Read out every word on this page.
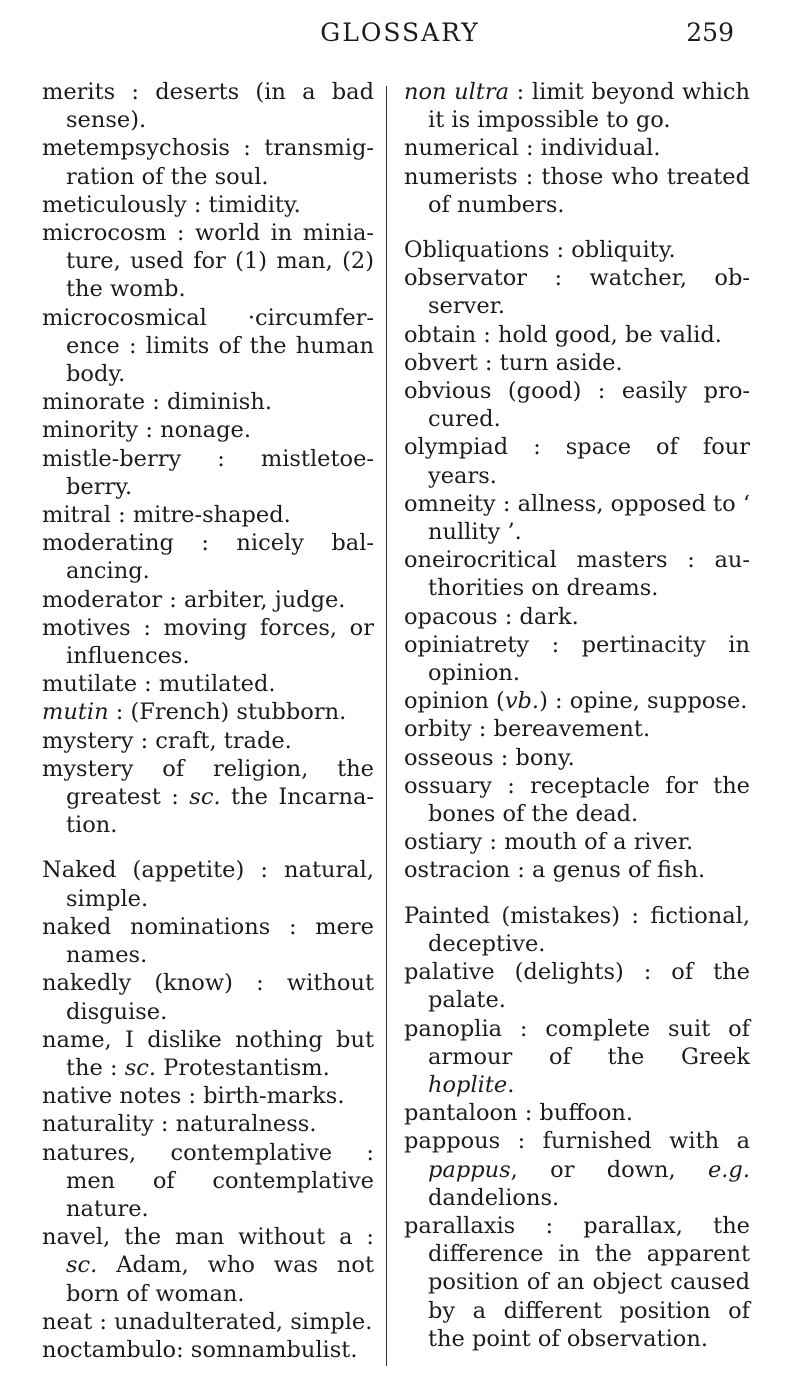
GLOSSARY	259
merits : deserts (in a bad sense).
metempsychosis : transmigration of the soul.
meticulously : timidity.
microcosm : world in miniature, used for (1) man, (2) the womb.
microcosmical ·circumference : limits of the human body.
minorate : diminish.
minority : nonage.
mistle-berry : mistletoe-berry.
mitral : mitre-shaped.
moderating : nicely balancing.
moderator : arbiter, judge.
motives : moving forces, or influences.
mutilate : mutilated.
mutin : (French) stubborn.
mystery : craft, trade.
mystery of religion, the greatest : sc. the Incarnation.
Naked (appetite) : natural, simple.
naked nominations : mere names.
nakedly (know) : without disguise.
name, I dislike nothing but the : sc. Protestantism.
native notes : birth-marks.
naturality : naturalness.
natures, contemplative : men of contemplative nature.
navel, the man without a : sc. Adam, who was not born of woman.
neat : unadulterated, simple.
noctambulo: somnambulist.
non ultra : limit beyond which it is impossible to go.
numerical : individual.
numerists : those who treated of numbers.
Obliquations : obliquity.
observator : watcher, observer.
obtain : hold good, be valid.
obvert : turn aside.
obvious (good) : easily procured.
olympiad : space of four years.
omneity : allness, opposed to ‘ nullity ’.
oneirocritical masters : authorities on dreams.
opacous : dark.
opiniatrety : pertinacity in opinion.
opinion (vb.) : opine, suppose.
orbity : bereavement.
osseous : bony.
ossuary : receptacle for the bones of the dead.
ostiary : mouth of a river.
ostracion : a genus of fish.
Painted (mistakes) : fictional, deceptive.
palative (delights) : of the palate.
panoplia : complete suit of armour of the Greek hoplite.
pantaloon : buffoon.
pappous : furnished with a pappus, or down, e.g. dandelions.
parallaxis : parallax, the difference in the apparent position of an object caused by a different position of the point of observation.
